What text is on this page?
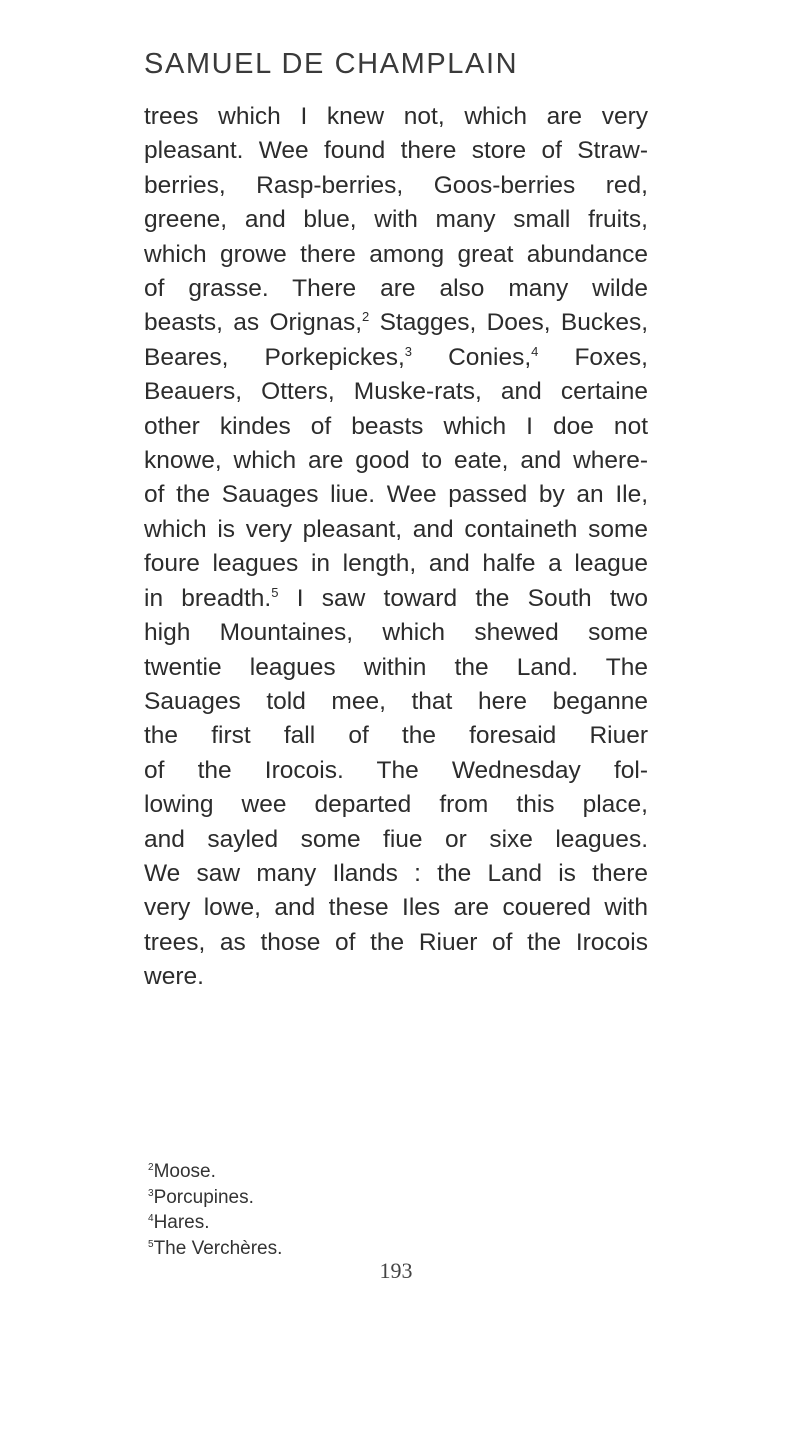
SAMUEL DE CHAMPLAIN
trees which I knew not, which are very
pleasant. Wee found there store of Straw-
berries, Rasp-berries, Goos-berries red,
greene, and blue, with many small fruits,
which growe there among great abundance
of grasse. There are also many wilde
beasts, as Orignas,$^2$ Stagges, Does, Buckes,
Beares, Porkepickes,$^3$ Conies,$^4$ Foxes,
Beauers, Otters, Muske-rats, and certaine
other kindes of beasts which I doe not
knowe, which are good to eate, and where-
of the Sauages liue. Wee passed by an Ile,
which is very pleasant, and containeth some
foure leagues in length, and halfe a league
in breadth.$^5$ I saw toward the South two
high Mountaines, which shewed some
twentie leagues within the Land. The
Sauages told mee, that here beganne
the first fall of the foresaid Riuer
of the Irocois. The Wednesday fol-
lowing wee departed from this place,
and sayled some fiue or sixe leagues.
We saw many Ilands : the Land is there
very lowe, and these Iles are couered with
trees, as those of the Riuer of the Irocois
were.
$^2$Moose.
$^3$Porcupines.
$^4$Hares.
$^5$The Verchères.
193
